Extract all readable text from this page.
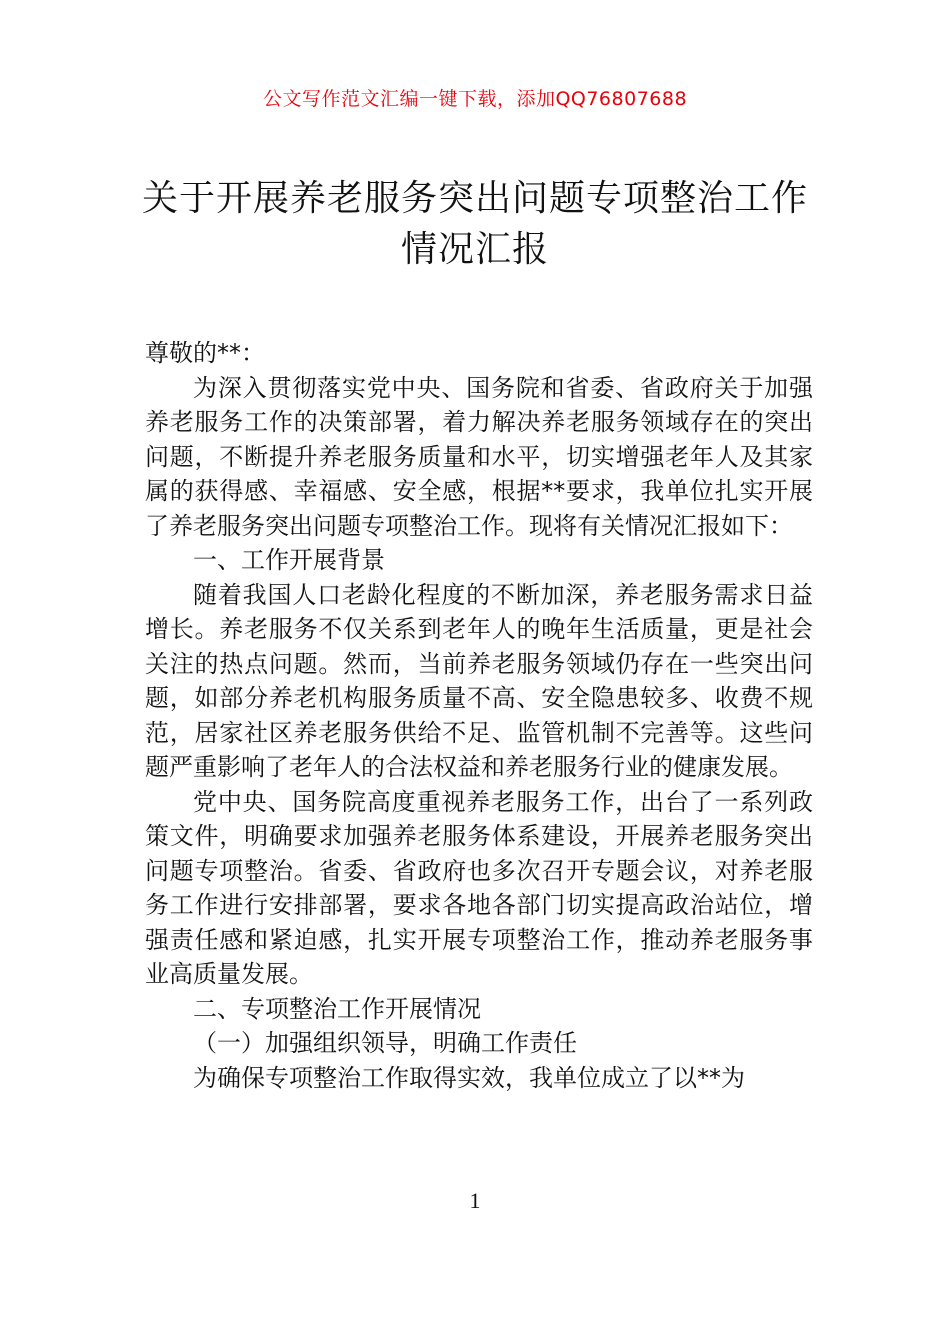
公文写作范文汇编一键下载，添加QQ76807688
关于开展养老服务突出问题专项整治工作
情况汇报

尊敬的**：

为深入贯彻落实党中央、国务院和省委、省政府关于加强养老服务工作的决策部署，着力解决养老服务领域存在的突出问题，不断提升养老服务质量和水平，切实增强老年人及其家属的获得感、幸福感、安全感，根据**要求，我单位扎实开展了养老服务突出问题专项整治工作。现将有关情况汇报如下：

一、工作开展背景

随着我国人口老龄化程度的不断加深，养老服务需求日益增长。养老服务不仅关系到老年人的晚年生活质量，更是社会关注的热点问题。然而，当前养老服务领域仍存在一些突出问题，如部分养老机构服务质量不高、安全隐患较多、收费不规范，居家社区养老服务供给不足、监管机制不完善等。这些问题严重影响了老年人的合法权益和养老服务行业的健康发展。

党中央、国务院高度重视养老服务工作，出台了一系列政策文件，明确要求加强养老服务体系建设，开展养老服务突出问题专项整治。省委、省政府也多次召开专题会议，对养老服务工作进行安排部署，要求各地各部门切实提高政治站位，增强责任感和紧迫感，扎实开展专项整治工作，推动养老服务事业高质量发展。

二、专项整治工作开展情况

（一）加强组织领导，明确工作责任

为确保专项整治工作取得实效，我单位成立了以**为

1
